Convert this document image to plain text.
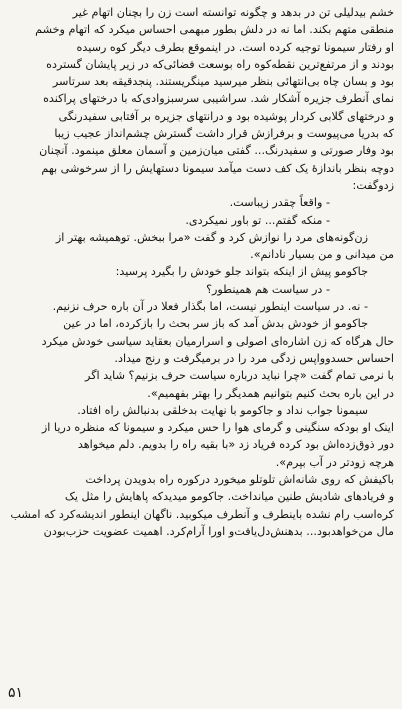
خشم بیدلیلی تن در بدهد و چگونه توانسته است زن را بچنان اتهام غیر
منطقی متهم بکند. اما نه در دلش بطور مبهمی احساس میکرد که اتهام وخشم
او رفتار سیمونا توجیه کرده است. در اینموقع بطرف دیگر کوه رسیده
بودند و از مرتفع‌ترین نقطه‌کوه راه بوسعت فضائی‌که در زیر پایشان گسترده
بود و بسان چاه بی‌انتهائی بنظر میرسید مینگریستند. پنجدقیقه بعد سرتاسر
نمای آنطرف جزیره آشکار شد. سراشیبی سرسبزوادی‌که با درختهای پراکنده
و درختهای گلابی کردار پوشیده بود و درانتهای جزیره بر آفتابی سفیدرنگی
که بدریا می‌پیوست و برفرازش قرار داشت گسترش چشم‌انداز عجیب زیبا
بود وفار صورتی و سفیدرنگ... گفتی میان‌زمین و آسمان معلق مینمود. آنچنان
دوچه بنظر باندازهٔ یک کف دست میآمد سیمونا دستهایش را از سرخوشی بهم
زدوگفت:
- واقعاً چقدر زیباست.
- منکه گفتم... تو باور نمیکردی.
زن‌گونه‌های مرد را نوازش کرد و گفت «مرا ببخش. توهمیشه بهتر از
من میدانی و من بسیار نادانم».
جاکومو پیش از اینکه بتواند جلو خودش را بگیرد پرسید:
- در سیاست هم همینطور؟
- نه. در سیاست اینطور نیست، اما بگذار فعلا در آن باره حرف نزنیم.
جاکومو از خودش بدش آمد که باز سر بحث را بازکرده، اما در عین
حال هرگاه که زن اشاره‌ای اصولی و اسرارمیان بعقاید سیاسی خودش میکرد
احساس حسدوواپس زدگی مرد را در برمیگرفت و رنج میداد.
با نرمی تمام گفت «چرا نباید درباره سیاست حرف بزنیم؟ شاید اگر
در این باره بحث کنیم بتوانیم همدیگر را بهتر بفهمیم».
سیمونا جواب نداد و جاکومو با نهایت بدخلقی بدنبالش راه افتاد.
اینک او بودکه سنگینی و گرمای هوا را حس میکرد و سیمونا که منظره دریا از
دور ذوق‌زده‌اش بود کرده فریاد زد «با بقیه راه را بدویم. دلم میخواهد
هرچه زودتر در آب بپرم».
باکیفش که روی شانه‌اش تلوتلو میخورد درکوره راه بدویدن پرداخت
و فریادهای شادیش طنین میانداخت. جاکومو میدیدکه پاهایش را مثل یک
کره‌اسب رام نشده باینطرف و آنطرف میکوبید. ناگهان اینطور اندیشه‌کرد که امشب
مال من‌خواهدبود... بدهنش‌دل‌یافت‌و اورا آرام‌کرد. اهمیت عضویت حزب‌بودن
۵۱
